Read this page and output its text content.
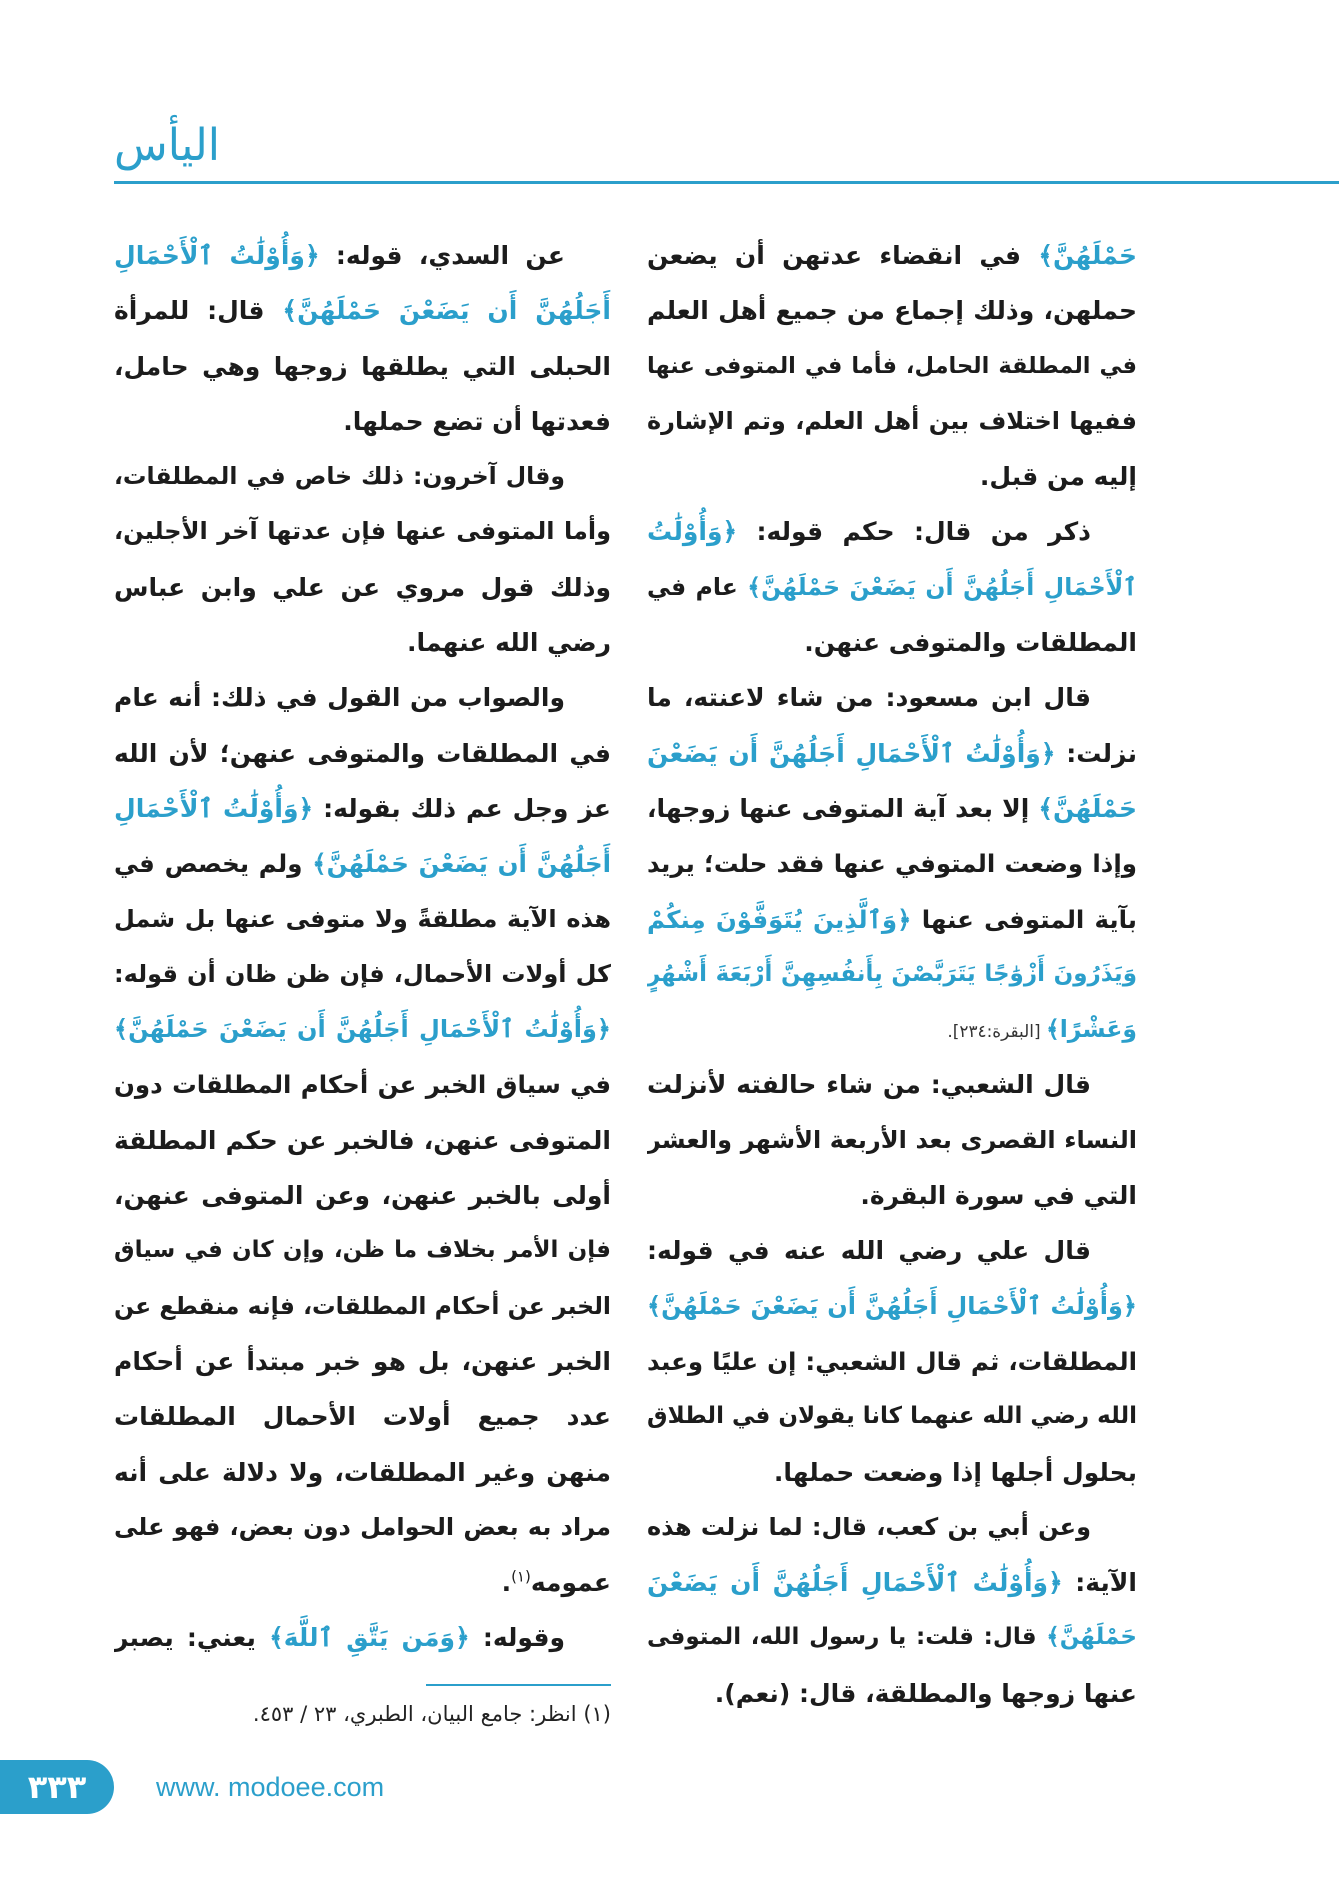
اليأس
حَمْلَهُنَّ﴾ في انقضاء عدتهن أن يضعن
حملهن، وذلك إجماع من جميع أهل العلم
في المطلقة الحامل، فأما في المتوفى عنها
ففيها اختلاف بين أهل العلم، وتم الإشارة
إليه من قبل.
ذكر من قال: حكم قوله: ﴿وَأُوْلَٰتُ
ٱلْأَحْمَالِ أَجَلُهُنَّ أَن يَضَعْنَ حَمْلَهُنَّ﴾ عام في
المطلقات والمتوفى عنهن.
قال ابن مسعود: من شاء لاعنته، ما
نزلت: ﴿وَأُوْلَٰتُ ٱلْأَحْمَالِ أَجَلُهُنَّ أَن يَضَعْنَ
حَمْلَهُنَّ﴾ إلا بعد آية المتوفى عنها زوجها،
وإذا وضعت المتوفي عنها فقد حلت؛ يريد
بآية المتوفى عنها ﴿وَٱلَّذِينَ يُتَوَفَّوْنَ مِنكُمْ
وَيَذَرُونَ أَزْوَٰجًا يَتَرَبَّصْنَ بِأَنفُسِهِنَّ أَرْبَعَةَ أَشْهُرٍ
وَعَشْرًا﴾ [البقرة:٢٣٤].
قال الشعبي: من شاء حالفته لأنزلت
النساء القصرى بعد الأربعة الأشهر والعشر
التي في سورة البقرة.
قال علي رضي الله عنه في قوله:
﴿وَأُوْلَٰتُ ٱلْأَحْمَالِ أَجَلُهُنَّ أَن يَضَعْنَ حَمْلَهُنَّ﴾
المطلقات، ثم قال الشعبي: إن عليًا وعبد
الله رضي الله عنهما كانا يقولان في الطلاق
بحلول أجلها إذا وضعت حملها.
وعن أبي بن كعب، قال: لما نزلت هذه
الآية: ﴿وَأُوْلَٰتُ ٱلْأَحْمَالِ أَجَلُهُنَّ أَن يَضَعْنَ
حَمْلَهُنَّ﴾ قال: قلت: يا رسول الله، المتوفى
عنها زوجها والمطلقة، قال: (نعم).
عن السدي، قوله: ﴿وَأُوْلَٰتُ ٱلْأَحْمَالِ
أَجَلُهُنَّ أَن يَضَعْنَ حَمْلَهُنَّ﴾ قال: للمرأة
الحبلى التي يطلقها زوجها وهي حامل،
فعدتها أن تضع حملها.
وقال آخرون: ذلك خاص في المطلقات،
وأما المتوفى عنها فإن عدتها آخر الأجلين،
وذلك قول مروي عن علي وابن عباس
رضي الله عنهما.
والصواب من القول في ذلك: أنه عام
في المطلقات والمتوفى عنهن؛ لأن الله
عز وجل عم ذلك بقوله: ﴿وَأُوْلَٰتُ ٱلْأَحْمَالِ
أَجَلُهُنَّ أَن يَضَعْنَ حَمْلَهُنَّ﴾ ولم يخصص في
هذه الآية مطلقةً ولا متوفى عنها بل شمل
كل أولات الأحمال، فإن ظن ظان أن قوله:
﴿وَأُوْلَٰتُ ٱلْأَحْمَالِ أَجَلُهُنَّ أَن يَضَعْنَ حَمْلَهُنَّ﴾
في سياق الخبر عن أحكام المطلقات دون
المتوفى عنهن، فالخبر عن حكم المطلقة
أولى بالخبر عنهن، وعن المتوفى عنهن،
فإن الأمر بخلاف ما ظن، وإن كان في سياق
الخبر عن أحكام المطلقات، فإنه منقطع عن
الخبر عنهن، بل هو خبر مبتدأ عن أحكام
عدد جميع أولات الأحمال المطلقات
منهن وغير المطلقات، ولا دلالة على أنه
مراد به بعض الحوامل دون بعض، فهو على
عمومه$^{(١)}$.
وقوله: ﴿وَمَن يَتَّقِ ٱللَّهَ﴾ يعني: يصبر
(١) انظر: جامع البيان، الطبري، ٢٣ / ٤٥٣.
٣٣٣	www. modoee.com
